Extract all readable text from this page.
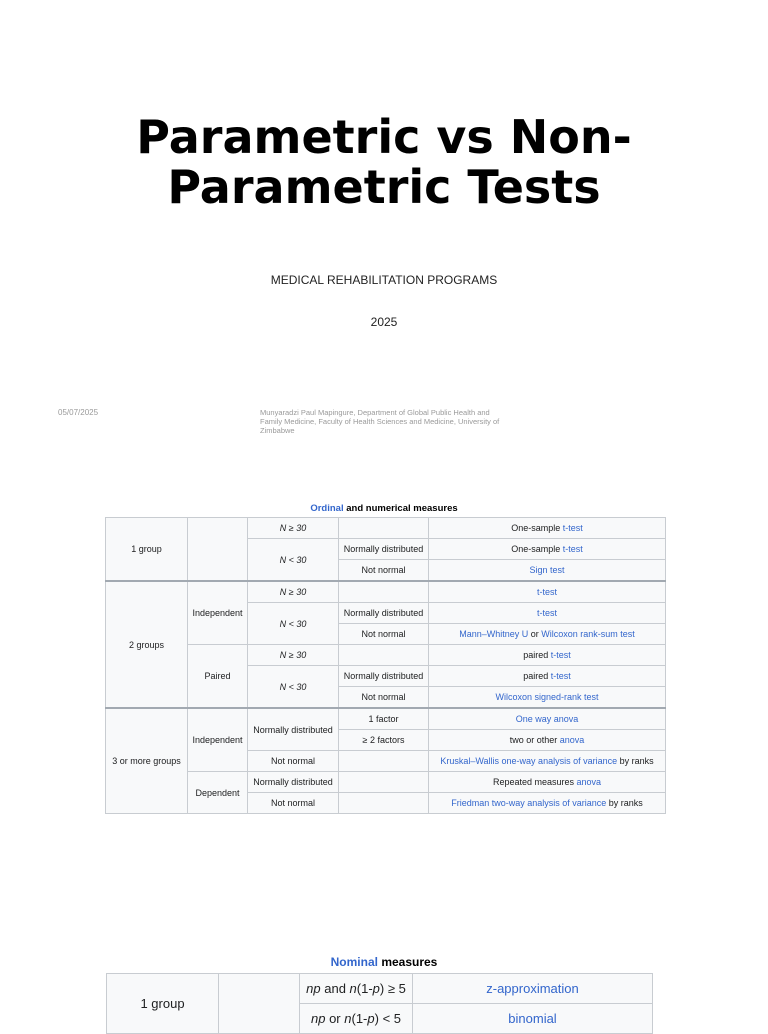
Parametric vs Non-Parametric Tests
MEDICAL REHABILITATION PROGRAMS
2025
05/07/2025	Munyaradzi Paul Mapingure, Department of Global Public Health and Family Medicine, Faculty of Health Sciences and Medicine, University of Zimbabwe
Ordinal and numerical measures
1 group		N ≥ 30		One-sample t-test
		N < 30	Normally distributed	One-sample t-test
			Not normal	Sign test
2 groups	Independent	N ≥ 30		t-test
		N < 30	Normally distributed	t-test
			Not normal	Mann–Whitney U or Wilcoxon rank-sum test
	Paired	N ≥ 30		paired t-test
		N < 30	Normally distributed	paired t-test
			Not normal	Wilcoxon signed-rank test
3 or more groups	Independent	Normally distributed	1 factor	One way anova
			≥ 2 factors	two or other anova
		Not normal		Kruskal–Wallis one-way analysis of variance by ranks
	Dependent	Normally distributed		Repeated measures anova
		Not normal		Friedman two-way analysis of variance by ranks
Nominal measures
1 group		np and n(1-p) ≥ 5	z-approximation
		np or n(1-p) < 5	binomial
